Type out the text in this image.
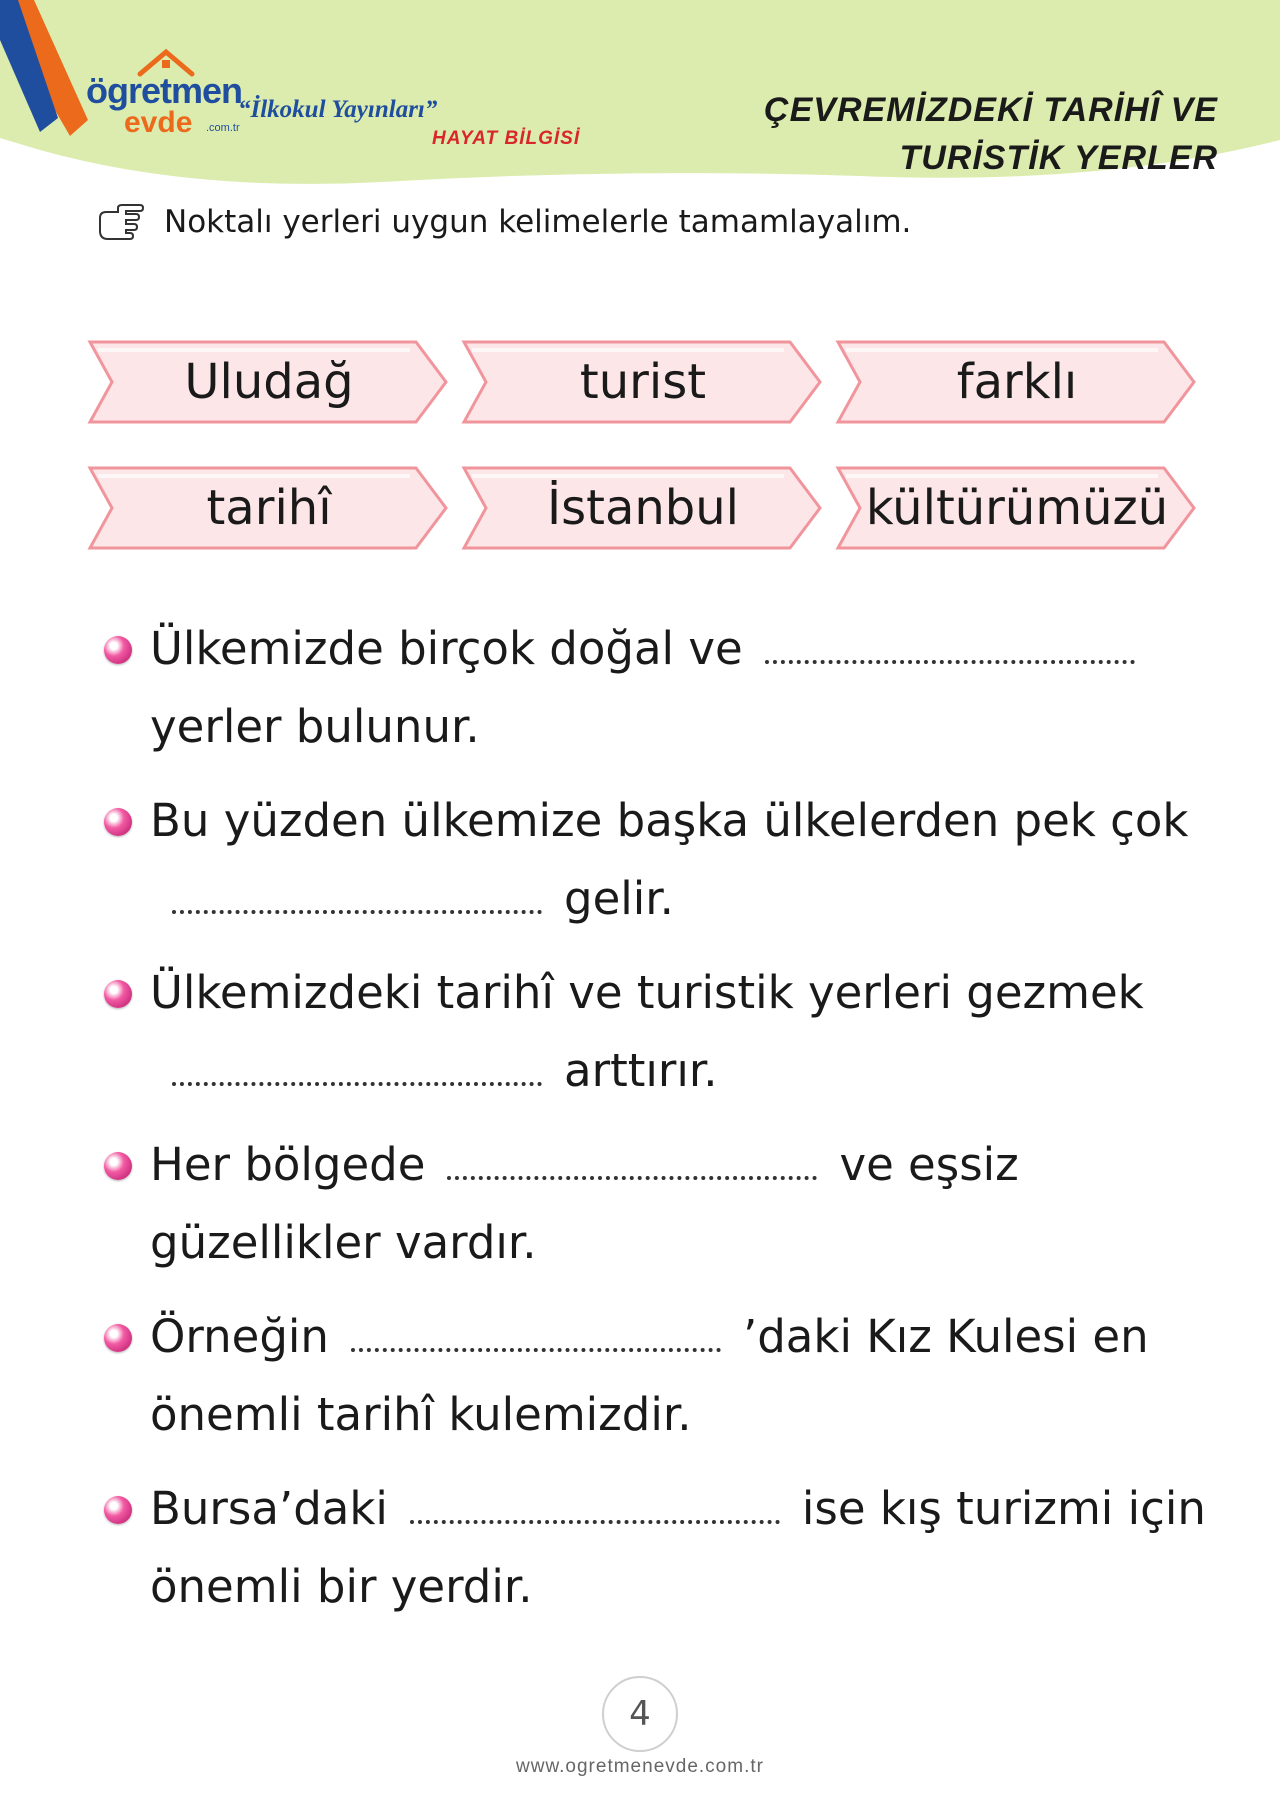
ögretmen
evde .com.tr
“İlkokul Yayınları”
HAYAT BİLGİSİ
ÇEVREMİZDEKİ TARİHÎ VE
TURİSTİK YERLER
Noktalı yerleri uygun kelimelerle tamamlayalım.
Uludağ	turist	farklı
tarihî	İstanbul	kültürümüzü
Ülkemizde birçok doğal veyerler bulunur.
Bu yüzden ülkemize başka ülkelerden pek çokgelir.
Ülkemizdeki tarihî ve turistik yerleri gezmekarttırır.
Her bölgede	ve eşsiz güzellikler vardır.
Örneğin	’daki Kız Kulesi en önemli tarihî kulemizdir.
Bursa’daki	ise kış turizmi için önemli bir yerdir.
4
www.ogretmenevde.com.tr
